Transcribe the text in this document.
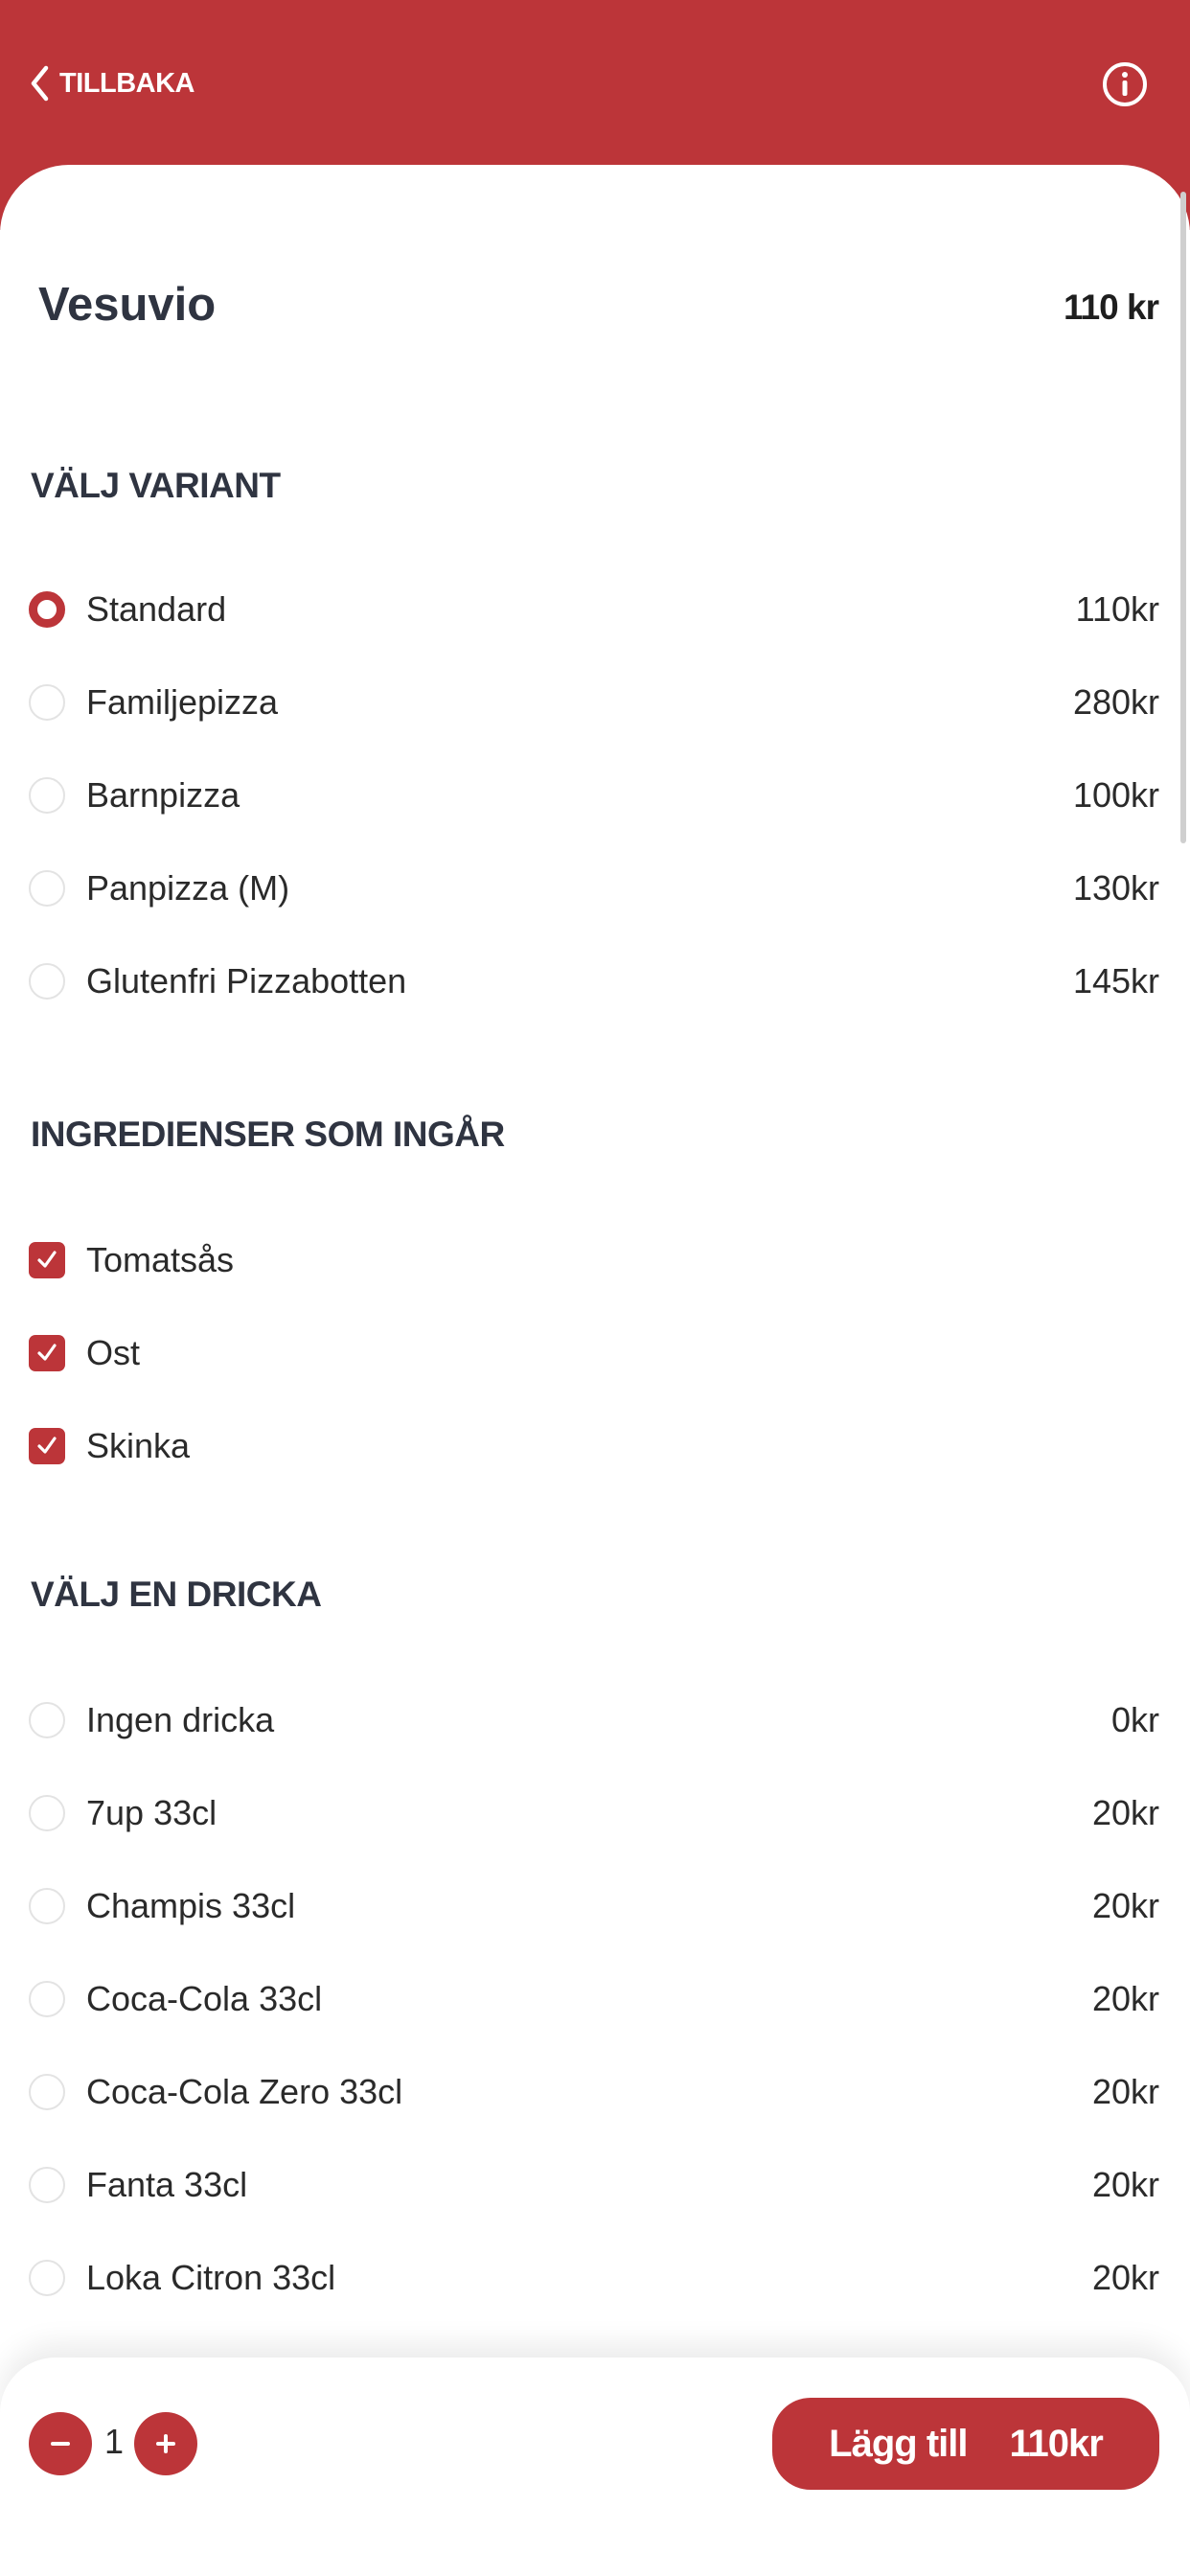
TILLBAKA
Vesuvio	110 kr
VÄLJ VARIANT
Standard	110kr
Familjepizza	280kr
Barnpizza	100kr
Panpizza (M)	130kr
Glutenfri Pizzabotten	145kr
INGREDIENSER SOM INGÅR
Tomatsås
Ost
Skinka
VÄLJ EN DRICKA
Ingen dricka	0kr
7up 33cl	20kr
Champis 33cl	20kr
Coca-Cola 33cl	20kr
Coca-Cola Zero 33cl	20kr
Fanta 33cl	20kr
Loka Citron 33cl	20kr
1	Lägg till 110kr
